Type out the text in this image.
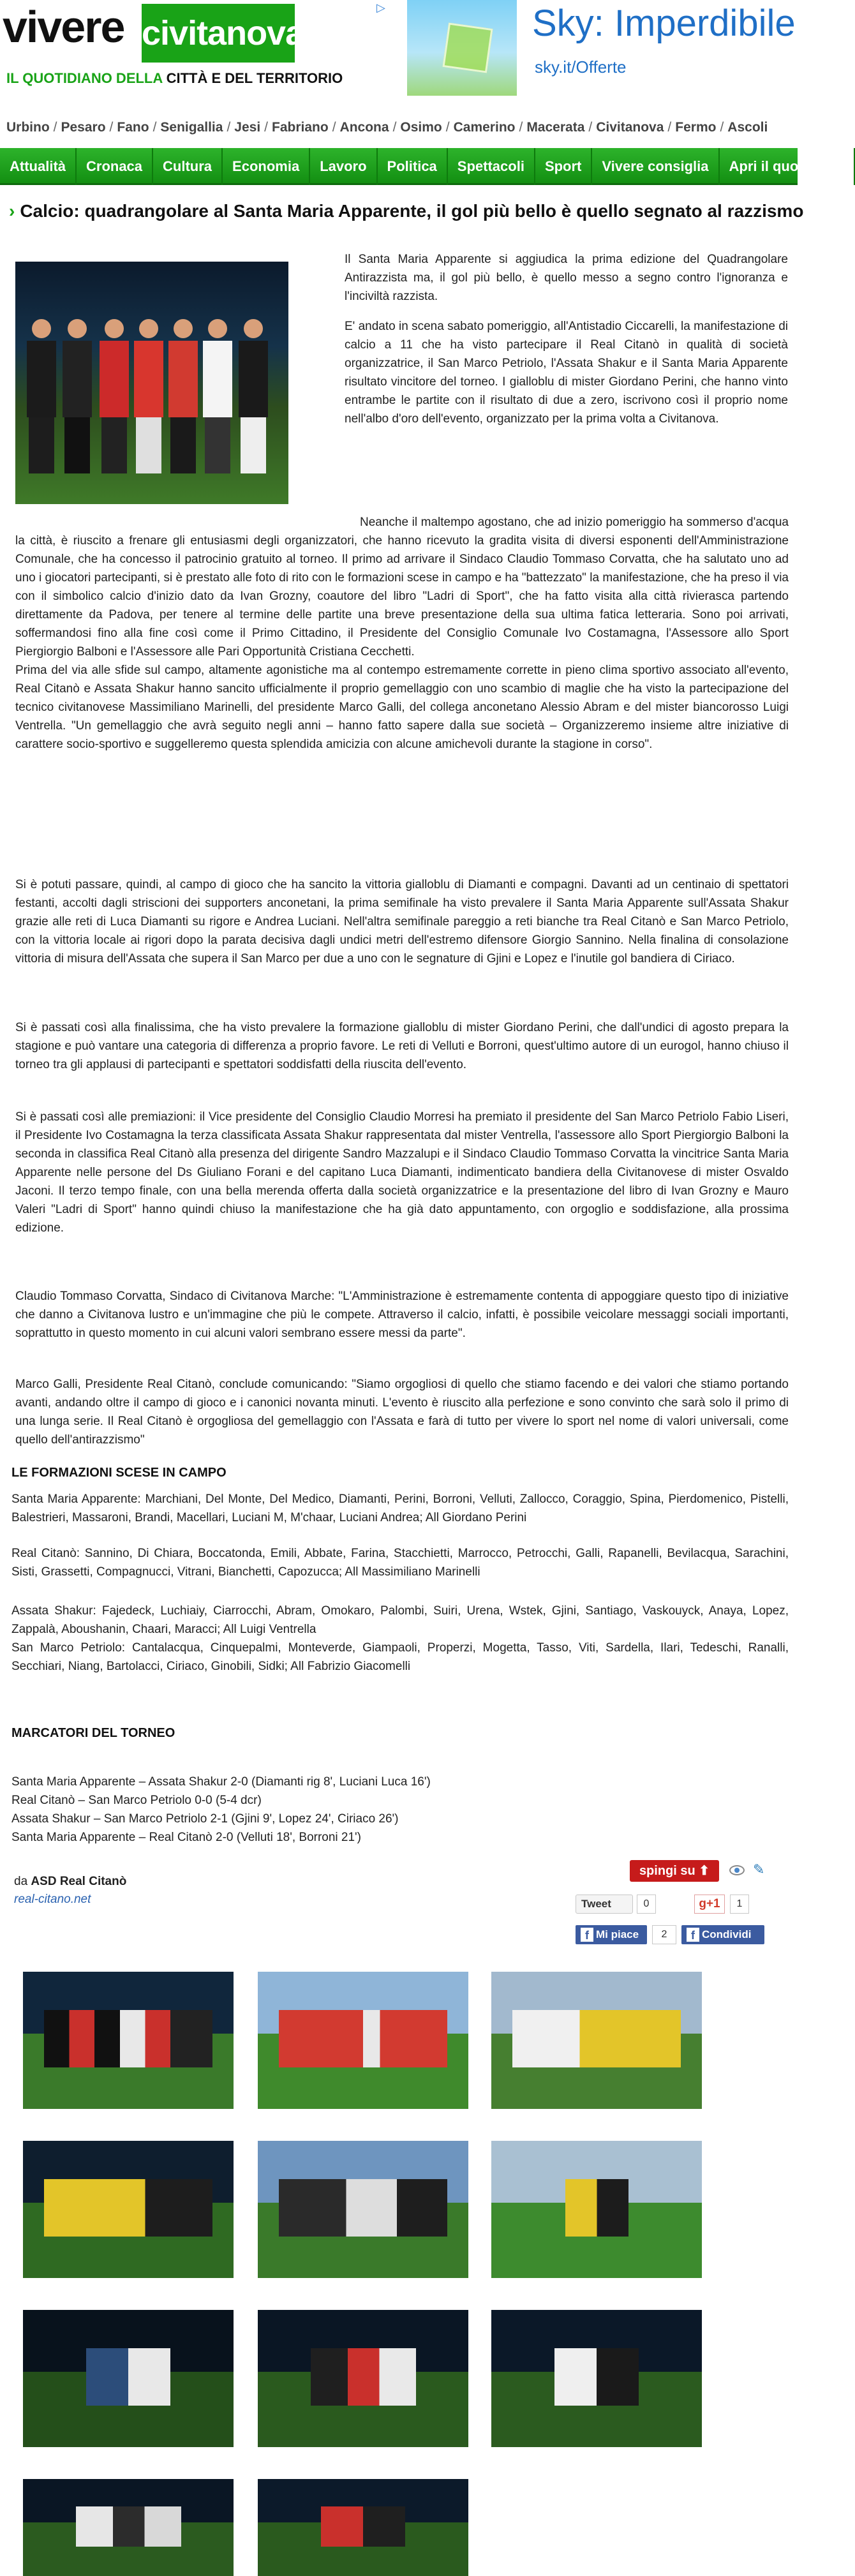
vivere civitanova
IL QUOTIDIANO DELLA CITTÀ E DEL TERRITORIO
▷	Sky: Imperdibile
sky.it/Offerte
Urbino / Pesaro / Fano / Senigallia / Jesi / Fabriano / Ancona / Osimo / Camerino / Macerata / Civitanova / Fermo / Ascoli
Attualità Cronaca Cultura Economia Lavoro Politica Spettacoli Sport Vivere consiglia Apri il quotidiano
› Calcio: quadrangolare al Santa Maria Apparente, il gol più bello è quello segnato al razzismo

Il Santa Maria Apparente si aggiudica la prima edizione del Quadrangolare Antirazzista ma, il gol più bello, è quello messo a segno contro l'ignoranza e l'inciviltà razzista.

E' andato in scena sabato pomeriggio, all'Antistadio Ciccarelli, la manifestazione di calcio a 11 che ha visto partecipare il Real Citanò in qualità di società organizzatrice, il San Marco Petriolo, l'Assata Shakur e il Santa Maria Apparente risultato vincitore del torneo. I gialloblu di mister Giordano Perini, che hanno vinto entrambe le partite con il risultato di due a zero, iscrivono così il proprio nome nell'albo d'oro dell'evento, organizzato per la prima volta a Civitanova.

Neanche il maltempo agostano, che ad inizio pomeriggio ha sommerso d'acqua la città, è riuscito a frenare gli entusiasmi degli organizzatori, che hanno ricevuto la gradita visita di diversi esponenti dell'Amministrazione Comunale, che ha concesso il patrocinio gratuito al torneo. Il primo ad arrivare il Sindaco Claudio Tommaso Corvatta, che ha salutato uno ad uno i giocatori partecipanti, si è prestato alle foto di rito con le formazioni scese in campo e ha "battezzato" la manifestazione, che ha preso il via con il simbolico calcio d'inizio dato da Ivan Grozny, coautore del libro "Ladri di Sport", che ha fatto visita alla città rivierasca partendo direttamente da Padova, per tenere al termine delle partite una breve presentazione della sua ultima fatica letteraria. Sono poi arrivati, soffermandosi fino alla fine così come il Primo Cittadino, il Presidente del Consiglio Comunale Ivo Costamagna, l'Assessore allo Sport Piergiorgio Balboni e l'Assessore alle Pari Opportunità Cristiana Cecchetti.

Prima del via alle sfide sul campo, altamente agonistiche ma al contempo estremamente corrette in pieno clima sportivo associato all'evento, Real Citanò e Assata Shakur hanno sancito ufficialmente il proprio gemellaggio con uno scambio di maglie che ha visto la partecipazione del tecnico civitanovese Massimiliano Marinelli, del presidente Marco Galli, del collega anconetano Alessio Abram e del mister biancorosso Luigi Ventrella. "Un gemellaggio che avrà seguito negli anni – hanno fatto sapere dalla sue società – Organizzeremo insieme altre iniziative di carattere socio-sportivo e suggelleremo questa splendida amicizia con alcune amichevoli durante la stagione in corso".

Si è potuti passare, quindi, al campo di gioco che ha sancito la vittoria gialloblu di Diamanti e compagni. Davanti ad un centinaio di spettatori festanti, accolti dagli striscioni dei supporters anconetani, la prima semifinale ha visto prevalere il Santa Maria Apparente sull'Assata Shakur grazie alle reti di Luca Diamanti su rigore e Andrea Luciani. Nell'altra semifinale pareggio a reti bianche tra Real Citanò e San Marco Petriolo, con la vittoria locale ai rigori dopo la parata decisiva dagli undici metri dell'estremo difensore Giorgio Sannino. Nella finalina di consolazione vittoria di misura dell'Assata che supera il San Marco per due a uno con le segnature di Gjini e Lopez e l'inutile gol bandiera di Ciriaco.

Si è passati così alla finalissima, che ha visto prevalere la formazione gialloblu di mister Giordano Perini, che dall'undici di agosto prepara la stagione e può vantare una categoria di differenza a proprio favore. Le reti di Velluti e Borroni, quest'ultimo autore di un eurogol, hanno chiuso il torneo tra gli applausi di partecipanti e spettatori soddisfatti della riuscita dell'evento.

Si è passati così alle premiazioni: il Vice presidente del Consiglio Claudio Morresi ha premiato il presidente del San Marco Petriolo Fabio Liseri, il Presidente Ivo Costamagna la terza classificata Assata Shakur rappresentata dal mister Ventrella, l'assessore allo Sport Piergiorgio Balboni la seconda in classifica Real Citanò alla presenza del dirigente Sandro Mazzalupi e il Sindaco Claudio Tommaso Corvatta la vincitrice Santa Maria Apparente nelle persone del Ds Giuliano Forani e del capitano Luca Diamanti, indimenticato bandiera della Civitanovese di mister Osvaldo Jaconi. Il terzo tempo finale, con una bella merenda offerta dalla società organizzatrice e la presentazione del libro di Ivan Grozny e Mauro Valeri "Ladri di Sport" hanno quindi chiuso la manifestazione che ha già dato appuntamento, con orgoglio e soddisfazione, alla prossima edizione.

Claudio Tommaso Corvatta, Sindaco di Civitanova Marche: "L'Amministrazione è estremamente contenta di appoggiare questo tipo di iniziative che danno a Civitanova lustro e un'immagine che più le compete. Attraverso il calcio, infatti, è possibile veicolare messaggi sociali importanti, soprattutto in questo momento in cui alcuni valori sembrano essere messi da parte".

Marco Galli, Presidente Real Citanò, conclude comunicando: "Siamo orgogliosi di quello che stiamo facendo e dei valori che stiamo portando avanti, andando oltre il campo di gioco e i canonici novanta minuti. L'evento è riuscito alla perfezione e sono convinto che sarà solo il primo di una lunga serie. Il Real Citanò è orgogliosa del gemellaggio con l'Assata e farà di tutto per vivere lo sport nel nome di valori universali, come quello dell'antirazzismo"

LE FORMAZIONI SCESE IN CAMPO
Santa Maria Apparente: Marchiani, Del Monte, Del Medico, Diamanti, Perini, Borroni, Velluti, Zallocco, Coraggio, Spina, Pierdomenico, Pistelli, Balestrieri, Massaroni, Brandi, Macellari, Luciani M, M'chaar, Luciani Andrea; All Giordano Perini
Real Citanò: Sannino, Di Chiara, Boccatonda, Emili, Abbate, Farina, Stacchietti, Marrocco, Petrocchi, Galli, Rapanelli, Bevilacqua, Sarachini, Sisti, Grassetti, Compagnucci, Vitrani, Bianchetti, Capozucca; All Massimiliano Marinelli
Assata Shakur: Fajedeck, Luchiaiy, Ciarrocchi, Abram, Omokaro, Palombi, Suiri, Urena, Wstek, Gjini, Santiago, Vaskouyck, Anaya, Lopez, Zappalà, Aboushanin, Chaari, Maracci; All Luigi Ventrella
San Marco Petriolo: Cantalacqua, Cinquepalmi, Monteverde, Giampaoli, Properzi, Mogetta, Tasso, Viti, Sardella, Ilari, Tedeschi, Ranalli, Secchiari, Niang, Bartolacci, Ciriaco, Ginobili, Sidki; All Fabrizio Giacomelli
MARCATORI DEL TORNEO
Santa Maria Apparente – Assata Shakur 2-0 (Diamanti rig 8', Luciani Luca 16')
Real Citanò – San Marco Petriolo 0-0 (5-4 dcr)
Assata Shakur – San Marco Petriolo 2-1 (Gjini 9', Lopez 24', Ciriaco 26')
Santa Maria Apparente – Real Citanò 2-0 (Velluti 18', Borroni 21')
da ASD Real Citanò
real-citano.net
spingi su ⬆	✎
Tweet	0	g+1	1
f Mi piace	2
f	Condividi
